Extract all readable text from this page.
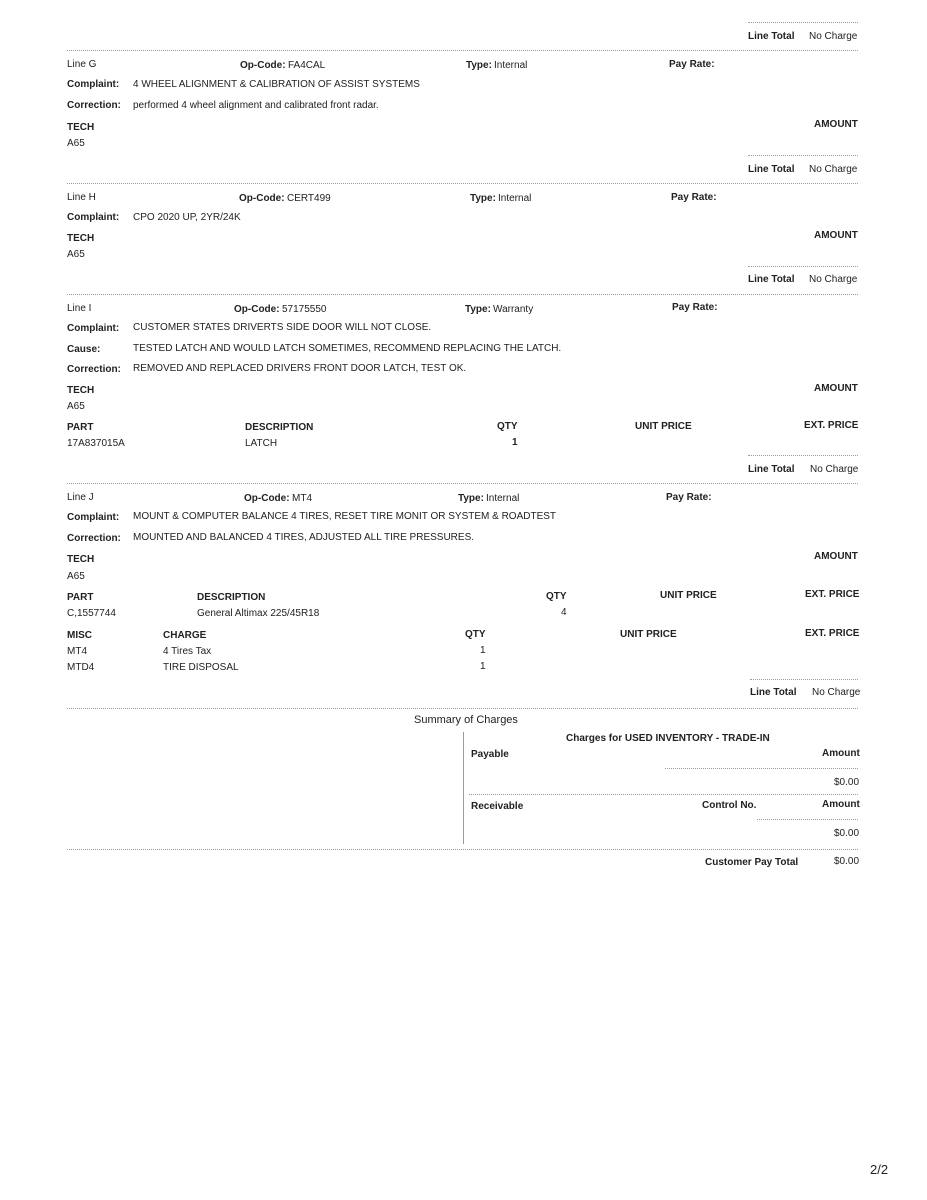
Line Total No Charge
Line G	Op-Code: FA4CAL	Type: Internal	Pay Rate:
Complaint: 4 WHEEL ALIGNMENT & CALIBRATION OF ASSIST SYSTEMS
Correction: performed 4 wheel alignment and calibrated front radar.
TECH	AMOUNT
A65
Line Total No Charge
Line H	Op-Code: CERT499	Type: Internal	Pay Rate:
Complaint: CPO 2020 UP, 2YR/24K
TECH	AMOUNT
A65
Line Total No Charge
Line I	Op-Code: 57175550	Type: Warranty	Pay Rate:
Complaint: CUSTOMER STATES DRIVERTS SIDE DOOR WILL NOT CLOSE.
Cause:	TESTED LATCH AND WOULD LATCH SOMETIMES, RECOMMEND REPLACING THE LATCH.
Correction: REMOVED AND REPLACED DRIVERS FRONT DOOR LATCH, TEST OK.
TECH	AMOUNT
A65
PART	DESCRIPTION	QTY	UNIT PRICE	EXT. PRICE
17A837015A	LATCH	1
Line Total No Charge
Line J	Op-Code: MT4	Type: Internal	Pay Rate:
Complaint: MOUNT & COMPUTER BALANCE 4 TIRES, RESET TIRE MONIT OR SYSTEM & ROADTEST
Correction: MOUNTED AND BALANCED 4 TIRES, ADJUSTED ALL TIRE PRESSURES.
TECH	AMOUNT
A65
PART	DESCRIPTION	QTY	UNIT PRICE	EXT. PRICE
C,1557744	General Altimax 225/45R18	4
MISC	CHARGE	QTY	UNIT PRICE	EXT. PRICE
MT4	4 Tires Tax	1
MTD4	TIRE DISPOSAL	1
Line Total No Charge
Summary of Charges
Charges for USED INVENTORY - TRADE-IN
Payable	Amount
$0.00
Receivable	Control No.	Amount
$0.00
Customer Pay Total	$0.00
2/2
